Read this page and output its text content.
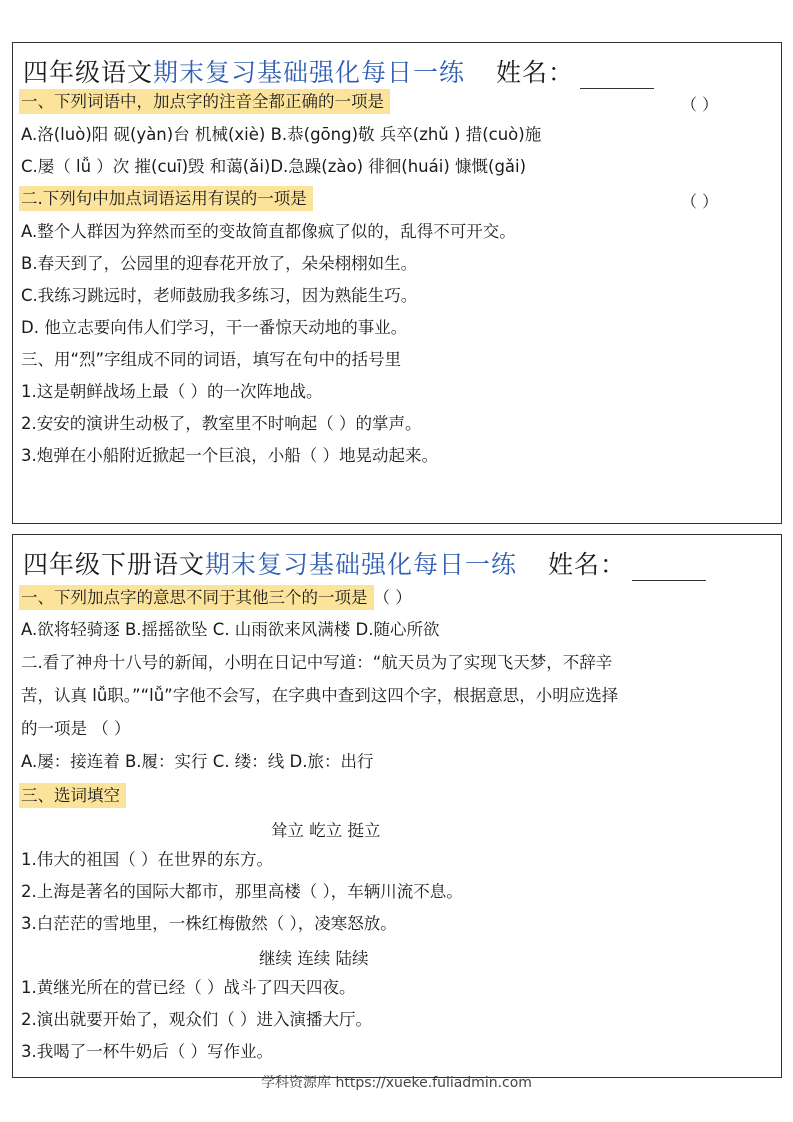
四年级语文期末复习基础强化每日一练 姓名：
一、下列词语中，加点字的注音全都正确的一项是	（ ）
A.洛(luò)阳 砚(yàn)台 机械(xiè) B.恭(gōng)敬 兵卒(zhǔ ) 措(cuò)施
C.屡（ lǚ ）次 摧(cuī)毁 和蔼(ǎi)D.急躁(zào) 徘徊(huái) 慷慨(gǎi)
二.下列句中加点词语运用有误的一项是	（ ）
A.整个人群因为猝然而至的变故简直都像疯了似的，乱得不可开交。
B.春天到了，公园里的迎春花开放了，朵朵栩栩如生。
C.我练习跳远时，老师鼓励我多练习，因为熟能生巧。
D. 他立志要向伟人们学习，干一番惊天动地的事业。
三、用“烈”字组成不同的词语，填写在句中的括号里
1.这是朝鲜战场上最（ ）的一次阵地战。
2.安安的演讲生动极了，教室里不时响起（ ）的掌声。
3.炮弹在小船附近掀起一个巨浪，小船（ ）地晃动起来。
四年级下册语文期末复习基础强化每日一练 姓名：
一、下列加点字的意思不同于其他三个的一项是 （ ）
A.欲将轻骑逐 B.摇摇欲坠 C. 山雨欲来风满楼 D.随心所欲
二.看了神舟十八号的新闻，小明在日记中写道：“航天员为了实现飞天梦，不辞辛
苦，认真 lǚ职。”“lǚ”字他不会写，在字典中查到这四个字，根据意思，小明应选择
的一项是 （ ）
A.屡：接连着 B.履：实行 C. 缕：线 D.旅：出行
三、选词填空
耸立 屹立 挺立
1.伟大的祖国（ ）在世界的东方。
2.上海是著名的国际大都市，那里高楼（ ），车辆川流不息。
3.白茫茫的雪地里，一株红梅傲然（ ），凌寒怒放。
继续 连续 陆续
1.黄继光所在的营已经（ ）战斗了四天四夜。
2.演出就要开始了，观众们（ ）进入演播大厅。
3.我喝了一杯牛奶后（ ）写作业。
学科资源库 https://xueke.fuliadmin.com
